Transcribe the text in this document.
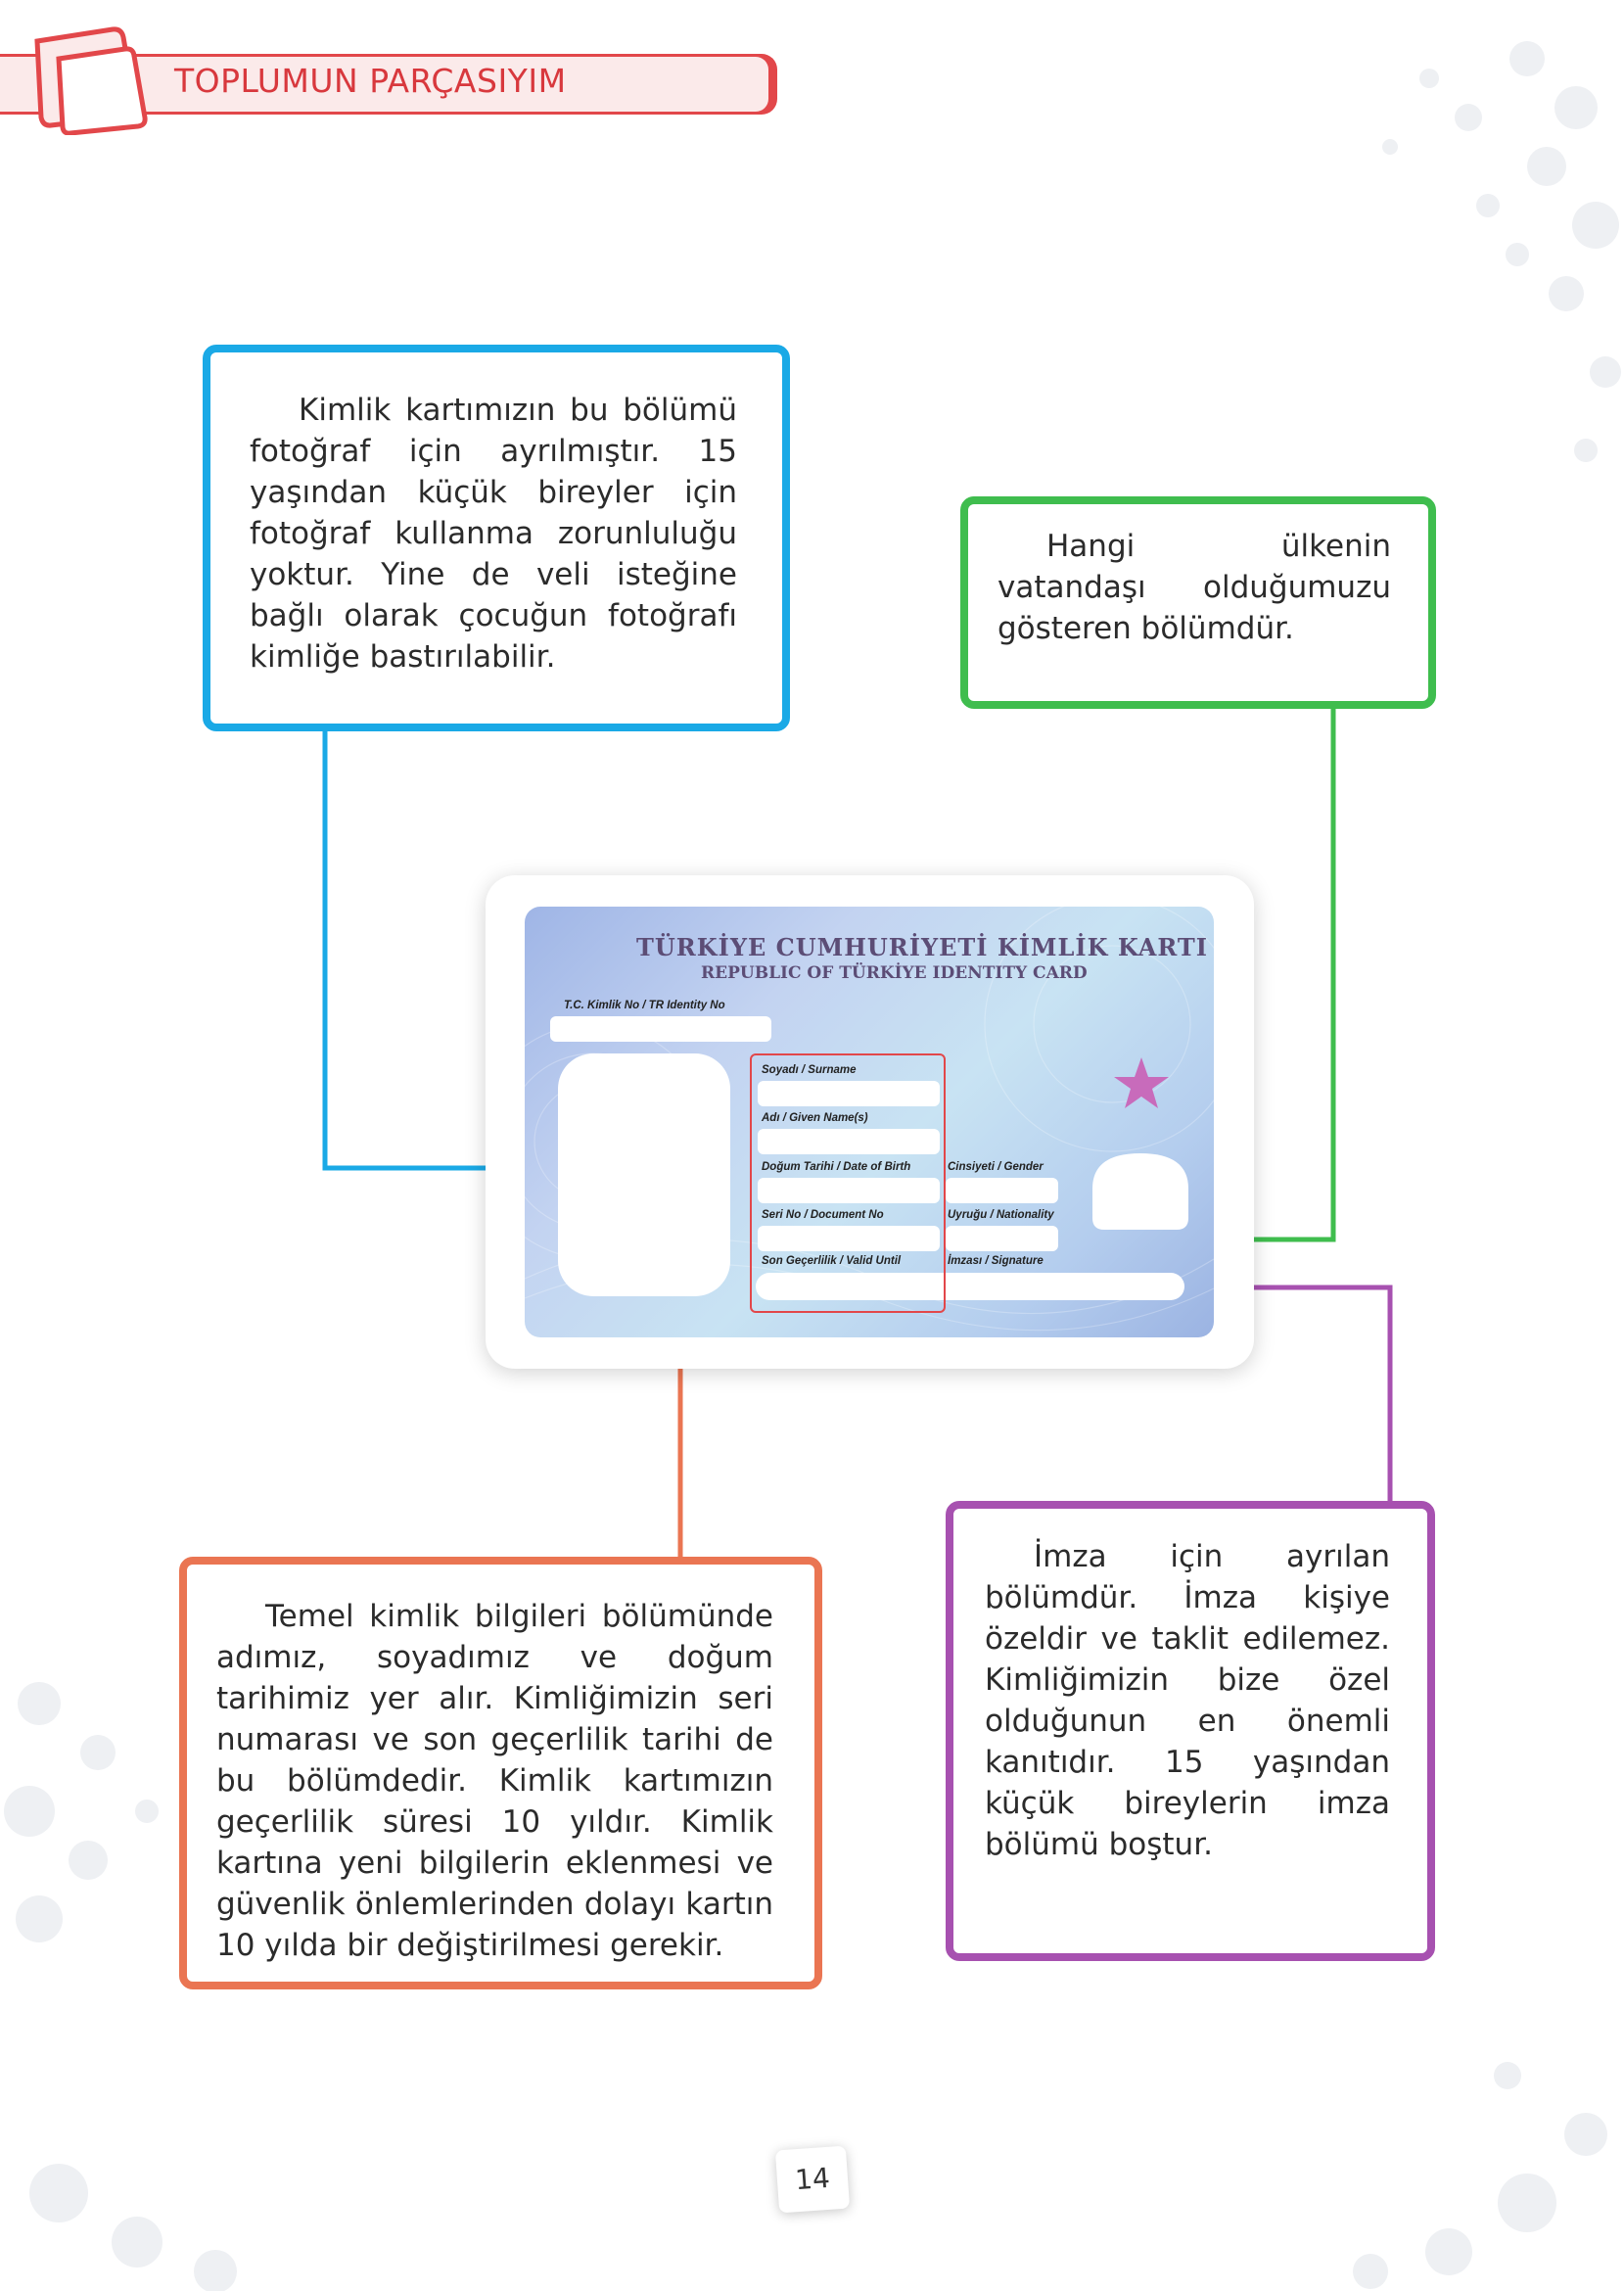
TOPLUMUN PARÇASIYIM

Kimlik kartımızın bu bölümü fotoğraf için ayrılmıştır. 15 yaşından küçük bireyler için fotoğraf kullanma zorunluluğu yoktur. Yine de veli isteğine bağlı olarak çocuğun fotoğrafı kimliğe bastırılabilir.

Hangi ülkenin vatandaşı olduğumuzu gösteren bölümdür.

Temel kimlik bilgileri bölümünde adımız, soyadımız ve doğum tarihimiz yer alır. Kimliğimizin seri numarası ve son geçerlilik tarihi de bu bölümdedir. Kimlik kartımızın geçerlilik süresi 10 yıldır. Kimlik kartına yeni bilgilerin eklenmesi ve güvenlik önlemlerinden dolayı kartın 10 yılda bir değiştirilmesi gerekir.

İmza için ayrılan bölümdür. İmza kişiye özeldir ve taklit edilemez. Kimliğimizin bize özel olduğunun en önemli kanıtıdır. 15 yaşından küçük bireylerin imza bölümü boştur.

TÜRKİYE CUMHURİYETİ KİMLİK KARTI
REPUBLIC OF TÜRKİYE IDENTITY CARD
T.C. Kimlik No / TR Identity No
Soyadı / Surname
Adı / Given Name(s)
Doğum Tarihi / Date of Birth
Seri No / Document No
Son Geçerlilik / Valid Until
Cinsiyeti / Gender
Uyruğu / Nationality
İmzası / Signature
14
